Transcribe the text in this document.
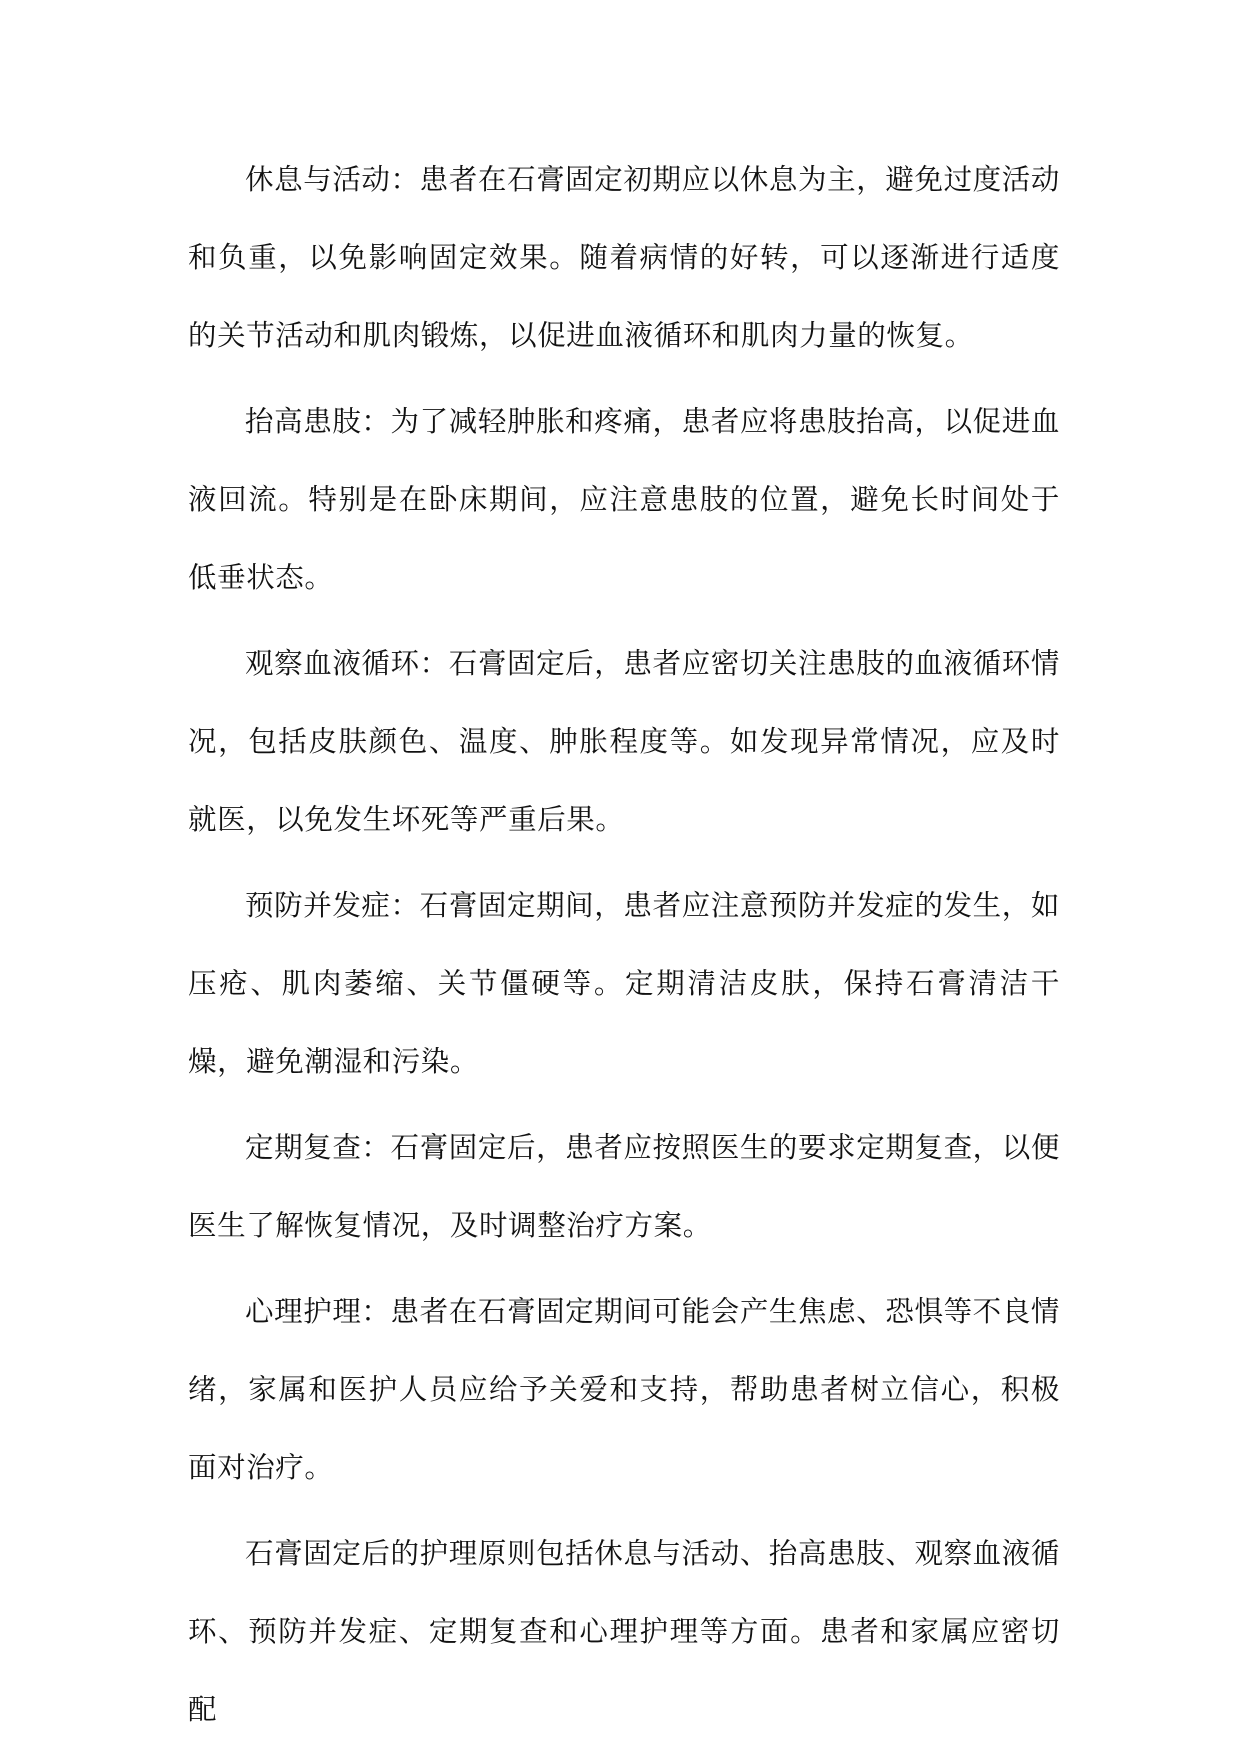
休息与活动：患者在石膏固定初期应以休息为主，避免过度活动和负重，以免影响固定效果。随着病情的好转，可以逐渐进行适度的关节活动和肌肉锻炼，以促进血液循环和肌肉力量的恢复。

抬高患肢：为了减轻肿胀和疼痛，患者应将患肢抬高，以促进血液回流。特别是在卧床期间，应注意患肢的位置，避免长时间处于低垂状态。

观察血液循环：石膏固定后，患者应密切关注患肢的血液循环情况，包括皮肤颜色、温度、肿胀程度等。如发现异常情况，应及时就医，以免发生坏死等严重后果。

预防并发症：石膏固定期间，患者应注意预防并发症的发生，如压疮、肌肉萎缩、关节僵硬等。定期清洁皮肤，保持石膏清洁干燥，避免潮湿和污染。

定期复查：石膏固定后，患者应按照医生的要求定期复查，以便医生了解恢复情况，及时调整治疗方案。

心理护理：患者在石膏固定期间可能会产生焦虑、恐惧等不良情绪，家属和医护人员应给予关爱和支持，帮助患者树立信心，积极面对治疗。

石膏固定后的护理原则包括休息与活动、抬高患肢、观察血液循环、预防并发症、定期复查和心理护理等方面。患者和家属应密切配
